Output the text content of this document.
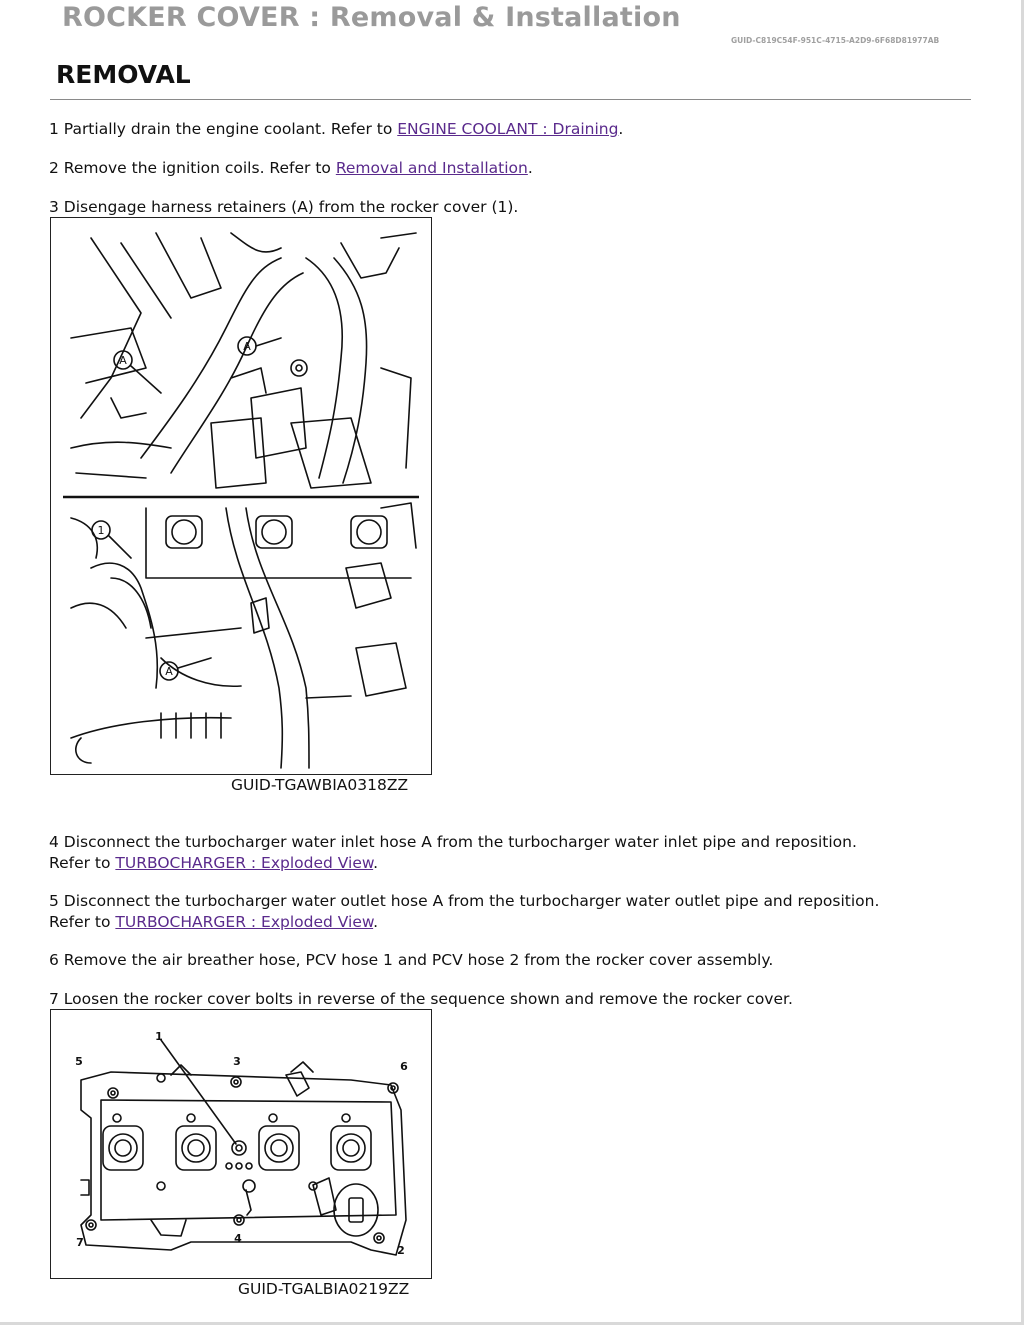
ROCKER COVER : Removal & Installation
GUID-C819C54F-951C-4715-A2D9-6F68D81977AB
REMOVAL

1 Partially drain the engine coolant. Refer to ENGINE COOLANT : Draining.

2 Remove the ignition coils. Refer to Removal and Installation.

3 Disengage harness retainers (A) from the rocker cover (1).

A
A
A
1
GUID-TGAWBIA0318ZZ

4 Disconnect the turbocharger water inlet hose A from the turbocharger water inlet pipe and reposition.
Refer to TURBOCHARGER : Exploded View.

5 Disconnect the turbocharger water outlet hose A from the turbocharger water outlet pipe and reposition.
Refer to TURBOCHARGER : Exploded View.

6 Remove the air breather hose, PCV hose 1 and PCV hose 2 from the rocker cover assembly.

7 Loosen the rocker cover bolts in reverse of the sequence shown and remove the rocker cover.

1
2
3
4
5	6
7
GUID-TGALBIA0219ZZ
